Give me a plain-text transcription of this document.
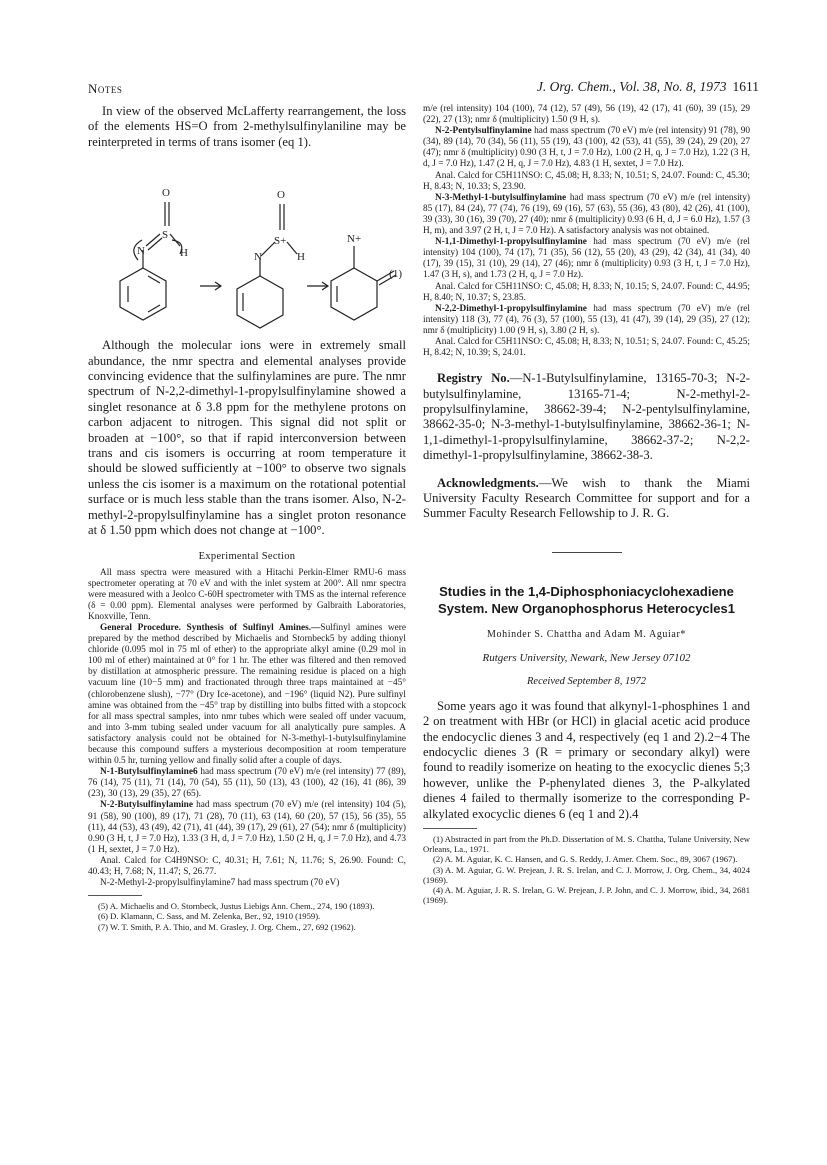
Notes	J. Org. Chem., Vol. 38, No. 8, 1973 1611

In view of the observed McLafferty rearrangement, the loss of the elements HS=O from 2-methylsulfinylaniline may be reinterpreted in terms of trans isomer (eq 1).

O
N
S
H
O
N
S+
H
N+
(1)

Although the molecular ions were in extremely small abundance, the nmr spectra and elemental analyses provide convincing evidence that the sulfinylamines are pure. The nmr spectrum of N-2,2-dimethyl-1-propylsulfinylamine showed a singlet resonance at δ 3.8 ppm for the methylene protons on carbon adjacent to nitrogen. This signal did not split or broaden at −100°, so that if rapid interconversion between trans and cis isomers is occurring at room temperature it should be slowed sufficiently at −100° to observe two signals unless the cis isomer is a maximum on the rotational potential surface or is much less stable than the trans isomer. Also, N-2-methyl-2-propylsulfinylamine has a singlet proton resonance at δ 1.50 ppm which does not change at −100°.

Experimental Section

All mass spectra were measured with a Hitachi Perkin-Elmer RMU-6 mass spectrometer operating at 70 eV and with the inlet system at 200°. All nmr spectra were measured with a Jeolco C-60H spectrometer with TMS as the internal reference (δ = 0.00 ppm). Elemental analyses were performed by Galbraith Laboratories, Knoxville, Tenn.

General Procedure. Synthesis of Sulfinyl Amines.—Sulfinyl amines were prepared by the method described by Michaelis and Stornbeck5 by adding thionyl chloride (0.095 mol in 75 ml of ether) to the appropriate alkyl amine (0.29 mol in 100 ml of ether) maintained at 0° for 1 hr. The ether was filtered and then removed by distillation at atmospheric pressure. The remaining residue is placed on a high vacuum line (10−5 mm) and fractionated through three traps maintained at −45° (chlorobenzene slush), −77° (Dry Ice-acetone), and −196° (liquid N2). Pure sulfinyl amine was obtained from the −45° trap by distilling into bulbs fitted with a stopcock for all mass spectral samples, into nmr tubes which were sealed off under vacuum, and into 3-mm tubing sealed under vacuum for all analytically pure samples. A satisfactory analysis could not be obtained for N-3-methyl-1-butylsulfinylamine because this compound suffers a mysterious decomposition at room temperature within 0.5 hr, turning yellow and finally solid after a couple of days.

N-1-Butylsulfinylamine6 had mass spectrum (70 eV) m/e (rel intensity) 77 (89), 76 (14), 75 (11), 71 (14), 70 (54), 55 (11), 50 (13), 43 (100), 42 (16), 41 (86), 39 (23), 30 (13), 29 (35), 27 (65).

N-2-Butylsulfinylamine had mass spectrum (70 eV) m/e (rel intensity) 104 (5), 91 (58), 90 (100), 89 (17), 71 (28), 70 (11), 63 (14), 60 (20), 57 (15), 56 (35), 55 (11), 44 (53), 43 (49), 42 (71), 41 (44), 39 (17), 29 (61), 27 (54); nmr δ (multiplicity) 0.90 (3 H, t, J = 7.0 Hz), 1.33 (3 H, d, J = 7.0 Hz), 1.50 (2 H, q, J = 7.0 Hz), and 4.73 (1 H, sextet, J = 7.0 Hz).

Anal. Calcd for C4H9NSO: C, 40.31; H, 7.61; N, 11.76; S, 26.90. Found: C, 40.43; H, 7.68; N, 11.47; S, 26.77.

N-2-Methyl-2-propylsulfinylamine7 had mass spectrum (70 eV)

(5) A. Michaelis and O. Stornbeck, Justus Liebigs Ann. Chem., 274, 190 (1893).

(6) D. Klamann, C. Sass, and M. Zelenka, Ber., 92, 1910 (1959).

(7) W. T. Smith, P. A. Thio, and M. Grasley, J. Org. Chem., 27, 692 (1962).

m/e (rel intensity) 104 (100), 74 (12), 57 (49), 56 (19), 42 (17), 41 (60), 39 (15), 29 (22), 27 (13); nmr δ (multiplicity) 1.50 (9 H, s).

N-2-Pentylsulfinylamine had mass spectrum (70 eV) m/e (rel intensity) 91 (78), 90 (34), 89 (14), 70 (34), 56 (11), 55 (19), 43 (100), 42 (53), 41 (55), 39 (24), 29 (20), 27 (47); nmr δ (multiplicity) 0.90 (3 H, t, J = 7.0 Hz), 1.00 (2 H, q, J = 7.0 Hz), 1.22 (3 H, d, J = 7.0 Hz), 1.47 (2 H, q, J = 7.0 Hz), 4.83 (1 H, sextet, J = 7.0 Hz).

Anal. Calcd for C5H11NSO: C, 45.08; H, 8.33; N, 10.51; S, 24.07. Found: C, 45.30; H, 8.43; N, 10.33; S, 23.90.

N-3-Methyl-1-butylsulfinylamine had mass spectrum (70 eV) m/e (rel intensity) 85 (17), 84 (24), 77 (74), 76 (19), 69 (16), 57 (63), 55 (36), 43 (80), 42 (26), 41 (100), 39 (33), 30 (16), 39 (70), 27 (40); nmr δ (multiplicity) 0.93 (6 H, d, J = 6.0 Hz), 1.57 (3 H, m), and 3.97 (2 H, t, J = 7.0 Hz). A satisfactory analysis was not obtained.

N-1,1-Dimethyl-1-propylsulfinylamine had mass spectrum (70 eV) m/e (rel intensity) 104 (100), 74 (17), 71 (35), 56 (12), 55 (20), 43 (29), 42 (34), 41 (34), 40 (17), 39 (15), 31 (10), 29 (14), 27 (46); nmr δ (multiplicity) 0.93 (3 H, t, J = 7.0 Hz), 1.47 (3 H, s), and 1.73 (2 H, q, J = 7.0 Hz).

Anal. Calcd for C5H11NSO: C, 45.08; H, 8.33; N, 10.15; S, 24.07. Found: C, 44.95; H, 8.40; N, 10.37; S, 23.85.

N-2,2-Dimethyl-1-propylsulfinylamine had mass spectrum (70 eV) m/e (rel intensity) 118 (3), 77 (4), 76 (3), 57 (100), 55 (13), 41 (47), 39 (14), 29 (35), 27 (12); nmr δ (multiplicity) 1.00 (9 H, s), 3.80 (2 H, s).

Anal. Calcd for C5H11NSO: C, 45.08; H, 8.33; N, 10.51; S, 24.07. Found: C, 45.25; H, 8.42; N, 10.39; S, 24.01.

Registry No.—N-1-Butylsulfinylamine, 13165-70-3; N-2-butylsulfinylamine, 13165-71-4; N-2-methyl-2-propylsulfinylamine, 38662-39-4; N-2-pentylsulfinylamine, 38662-35-0; N-3-methyl-1-butylsulfinylamine, 38662-36-1; N-1,1-dimethyl-1-propylsulfinylamine, 38662-37-2; N-2,2-dimethyl-1-propylsulfinylamine, 38662-38-3.

Acknowledgments.—We wish to thank the Miami University Faculty Research Committee for support and for a Summer Faculty Research Fellowship to J. R. G.

Studies in the 1,4-Diphosphoniacyclohexadiene System. New Organophosphorus Heterocycles1
Mohinder S. Chattha and Adam M. Aguiar*
Rutgers University, Newark, New Jersey 07102
Received September 8, 1972

Some years ago it was found that alkynyl-1-phosphines 1 and 2 on treatment with HBr (or HCl) in glacial acetic acid produce the endocyclic dienes 3 and 4, respectively (eq 1 and 2).2−4 The endocyclic dienes 3 (R = primary or secondary alkyl) were found to readily isomerize on heating to the exocyclic dienes 5;3 however, unlike the P-phenylated dienes 3, the P-alkylated dienes 4 failed to thermally isomerize to the corresponding P-alkylated exocyclic dienes 6 (eq 1 and 2).4

(1) Abstracted in part from the Ph.D. Dissertation of M. S. Chattha, Tulane University, New Orleans, La., 1971.

(2) A. M. Aguiar, K. C. Hansen, and G. S. Reddy, J. Amer. Chem. Soc., 89, 3067 (1967).

(3) A. M. Aguiar, G. W. Prejean, J. R. S. Irelan, and C. J. Morrow, J. Org. Chem., 34, 4024 (1969).

(4) A. M. Aguiar, J. R. S. Irelan, G. W. Prejean, J. P. John, and C. J. Morrow, ibid., 34, 2681 (1969).
